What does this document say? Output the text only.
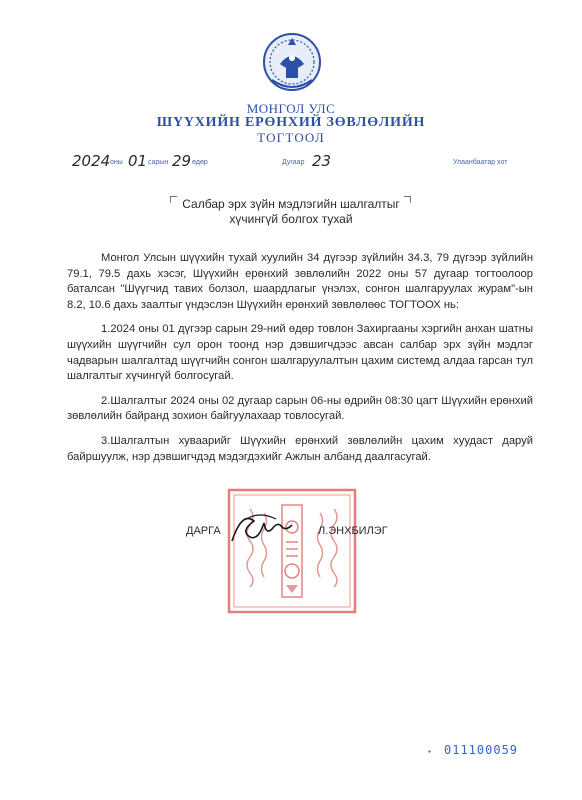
МОНГОЛ УЛС
ШҮҮХИЙН ЕРӨНХИЙ ЗӨВЛӨЛИЙН
ТОГТООЛ
2024 оны 01 сарын 29 өдөр	Дугаар 23	Улаанбаатар хот
Салбар эрх зүйн мэдлэгийн шалгалтыг
хүчингүй болгох тухай

Монгол Улсын шүүхийн тухай хуулийн 34 дүгээр зүйлийн 34.3, 79 дүгээр зүйлийн 79.1, 79.5 дахь хэсэг, Шүүхийн ерөнхий зөвлөлийн 2022 оны 57 дугаар тогтоолоор баталсан "Шүүгчид тавих болзол, шаардлагыг үнэлэх, сонгон шалгаруулах журам"-ын 8.2, 10.6 дахь заалтыг үндэслэн Шүүхийн ерөнхий зөвлөлөөс ТОГТООХ нь:

1.2024 оны 01 дүгээр сарын 29-ний өдөр товлон Захиргааны хэргийн анхан шатны шүүхийн шүүгчийн сул орон тоонд нэр дэвшигчдээс авсан салбар эрх зүйн мэдлэг чадварын шалгалтад шүүгчийн сонгон шалгаруулалтын цахим системд алдаа гарсан тул шалгалтыг хүчингүй болгосугай.

2.Шалгалтыг 2024 оны 02 дугаар сарын 06-ны өдрийн 08:30 цагт Шүүхийн ерөнхий зөвлөлийн байранд зохион байгуулахаар товлосугай.

3.Шалгалтын хуваарийг Шүүхийн ерөнхий зөвлөлийн цахим хуудаст даруй байршуулж, нэр дэвшигчдэд мэдэгдэхийг Ажлын албанд даалгасугай.

ДАРГА	Л.ЭНХБИЛЭГ
▪	011100059
